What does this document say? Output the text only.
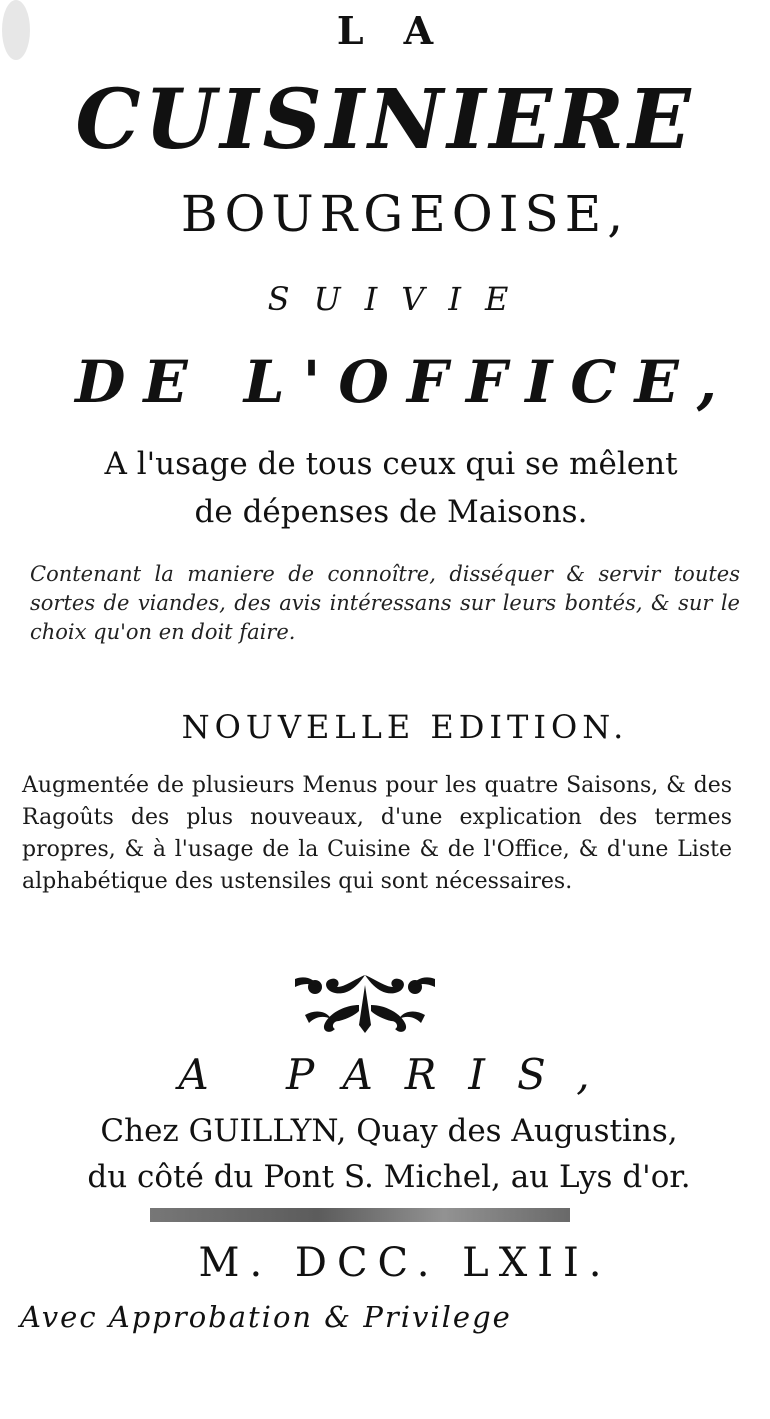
LA
CUISINIERE
BOURGEOISE,
SUIVIE
DE L'OFFICE,
A l'usage de tous ceux qui se mêlent
de dépenses de Maisons.
Contenant la maniere de connoître, disséquer & servir toutes sortes de viandes, des avis intéressans sur leurs bontés, & sur le choix qu'on en doit faire.
NOUVELLE EDITION.
Augmentée de plusieurs Menus pour les quatre Saisons, & des Ragoûts des plus nouveaux, d'une explication des termes propres, & à l'usage de la Cuisine & de l'Office, & d'une Liste alphabétique des ustensiles qui sont nécessaires.
A PARIS,
Chez GUILLYN, Quay des Augustins,
du côté du Pont S. Michel, au Lys d'or.
M. DCC. LXII.
Avec Approbation & Privilege
